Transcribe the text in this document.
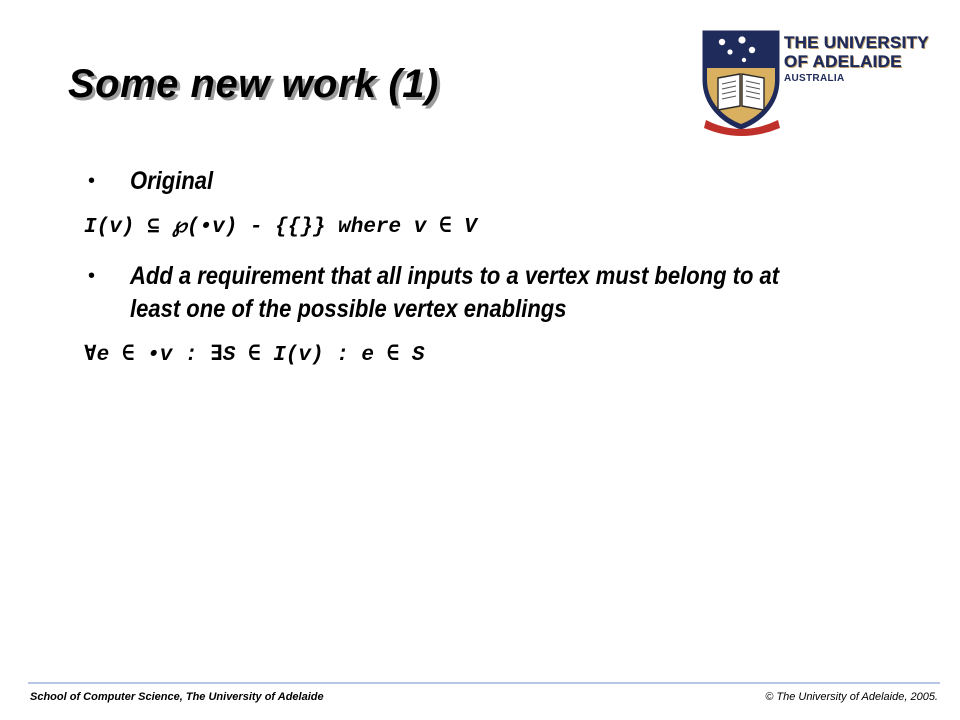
Some new work (1)
THE UNIVERSITY
OF ADELAIDE
AUSTRALIA
• Original

I(v) ⊆ ℘(•v) - {{}} where v ∈ V

• Add a requirement that all inputs to a vertex must belong to at least one of the possible vertex enablings

∀e ∈ •v : ∃S ∈ I(v) : e ∈ S

School of Computer Science, The University of Adelaide	© The University of Adelaide, 2005.
